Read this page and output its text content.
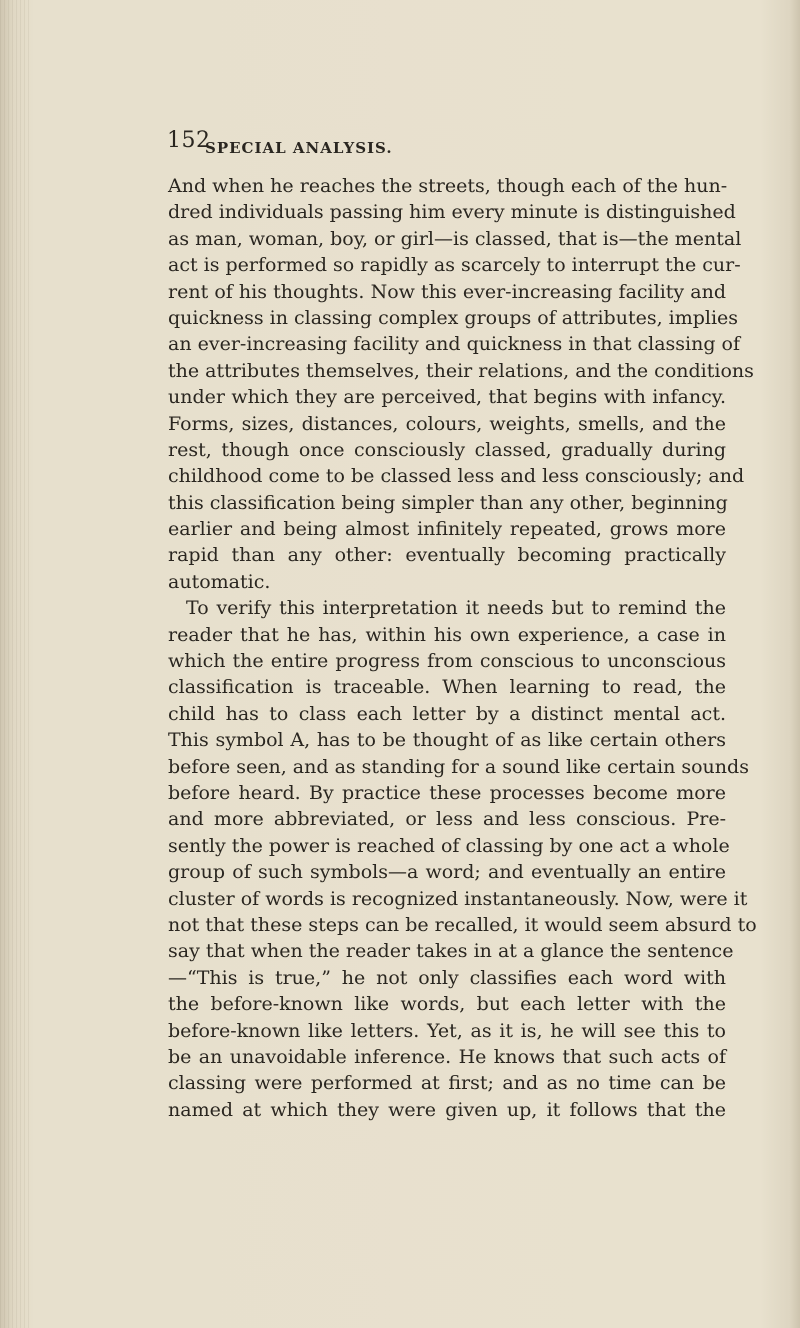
152
SPECIAL ANALYSIS.
And when he reaches the streets, though each of the hun-
dred individuals passing him every minute is distinguished
as man, woman, boy, or girl—is classed, that is—the mental
act is performed so rapidly as scarcely to interrupt the cur-
rent of his thoughts. Now this ever-increasing facility and
quickness in classing complex groups of attributes, implies
an ever-increasing facility and quickness in that classing of
the attributes themselves, their relations, and the conditions
under which they are perceived, that begins with infancy.
Forms, sizes, distances, colours, weights, smells, and the
rest, though once consciously classed, gradually during
childhood come to be classed less and less consciously; and
this classification being simpler than any other, beginning
earlier and being almost infinitely repeated, grows more
rapid than any other: eventually becoming practically
automatic.
To verify this interpretation it needs but to remind the
reader that he has, within his own experience, a case in
which the entire progress from conscious to unconscious
classification is traceable. When learning to read, the
child has to class each letter by a distinct mental act.
This symbol A, has to be thought of as like certain others
before seen, and as standing for a sound like certain sounds
before heard. By practice these processes become more
and more abbreviated, or less and less conscious. Pre-
sently the power is reached of classing by one act a whole
group of such symbols—a word; and eventually an entire
cluster of words is recognized instantaneously. Now, were it
not that these steps can be recalled, it would seem absurd to
say that when the reader takes in at a glance the sentence
—“This is true,” he not only classifies each word with
the before-known like words, but each letter with the
before-known like letters. Yet, as it is, he will see this to
be an unavoidable inference. He knows that such acts of
classing were performed at first; and as no time can be
named at which they were given up, it follows that the
